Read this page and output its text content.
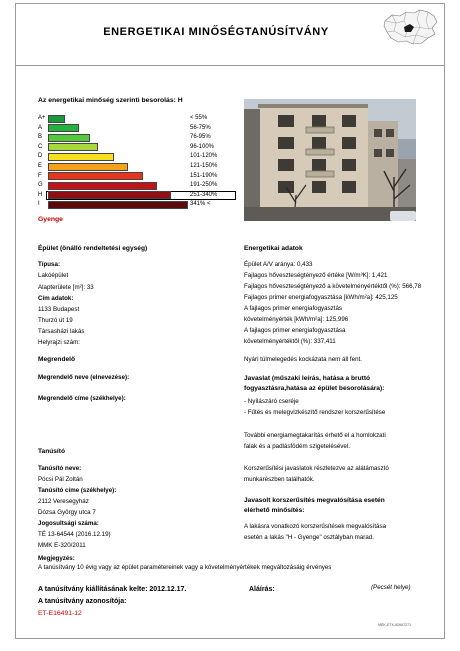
ENERGETIKAI MINŐSÉGTANÚSÍTVÁNY
Az energetikai minőség szerinti besorolás: H
A+	< 55%
A	56-75%
B	76-95%
C	96-100%
D	101-120%
E	121-150%
F	151-190%
G	191-250%
H	251-340%
I	341% <
Gyenge
Épület (önálló rendeltetési egység)
Típusa:
Lakóépület
Alapterülete [m²]: 33
Cím adatok:
1133 Budapest
Thurzó út 19
Társasházi lakás
Helyrajzi szám:
Megrendelő
Megrendelő neve (elnevezése):
Megrendelő címe (székhelye):
Tanúsító
Tanúsító neve:
Pócsi Pál Zoltán
Tanúsító címe (székhelye):
2112 Veresegyház
Dózsa György utca 7
Jogosultsági száma:
TÉ 13-64544 (2016.12.19)
MMK E-320/2011
Energetikai adatok
Épület A/V aránya: 0,433
Fajlagos hőveszteségtényező értéke [W/m³K]: 1,421
Fajlagos hőveszteségtényező a követelményértéktől (%): 566,78
Fajlagos primer energiafogyasztása [kWh/m²a]: 425,125
A fajlagos primer energiafogyasztás
követelményérték [kWh/m²a]: 125,996
A fajlagos primer energiafogyasztása
követelményértéktől (%): 337,411
Nyári túlmelegedés kockázata nem áll fent.
Javaslat (műszaki leírás, hatása a bruttó
fogyasztásra,hatása az épület besorolására):
- Nyílászáró cseréje
- Fűtés és melegvízkészítő rendszer korszerűsítése
További energiamegtakarítás érhető el a homlokzati
falak és a padlásfödém szigetelésével.
Korszerűsítési javaslatok részletezve az alátámasztó
munkarészben találhatók.
Javasolt korszerűsítés megvalósítása esetén
elérhető minősítés:
A lakásra vonatkozó korszerűsítések megvalósítása
esetén a lakás "H - Gyenge" osztályban marad.
Megjegyzés:
A tanúsítvány 10 évig vagy az épület paramétereinek vagy a követelményértékek megváltozásáig érvényes
A tanúsítvány kiállításának kelte: 2012.12.17.	Aláírás:	(Pecsét helye)
A tanúsítvány azonosítója:
ET-E16491-12
MÉK-ETK-82667271
